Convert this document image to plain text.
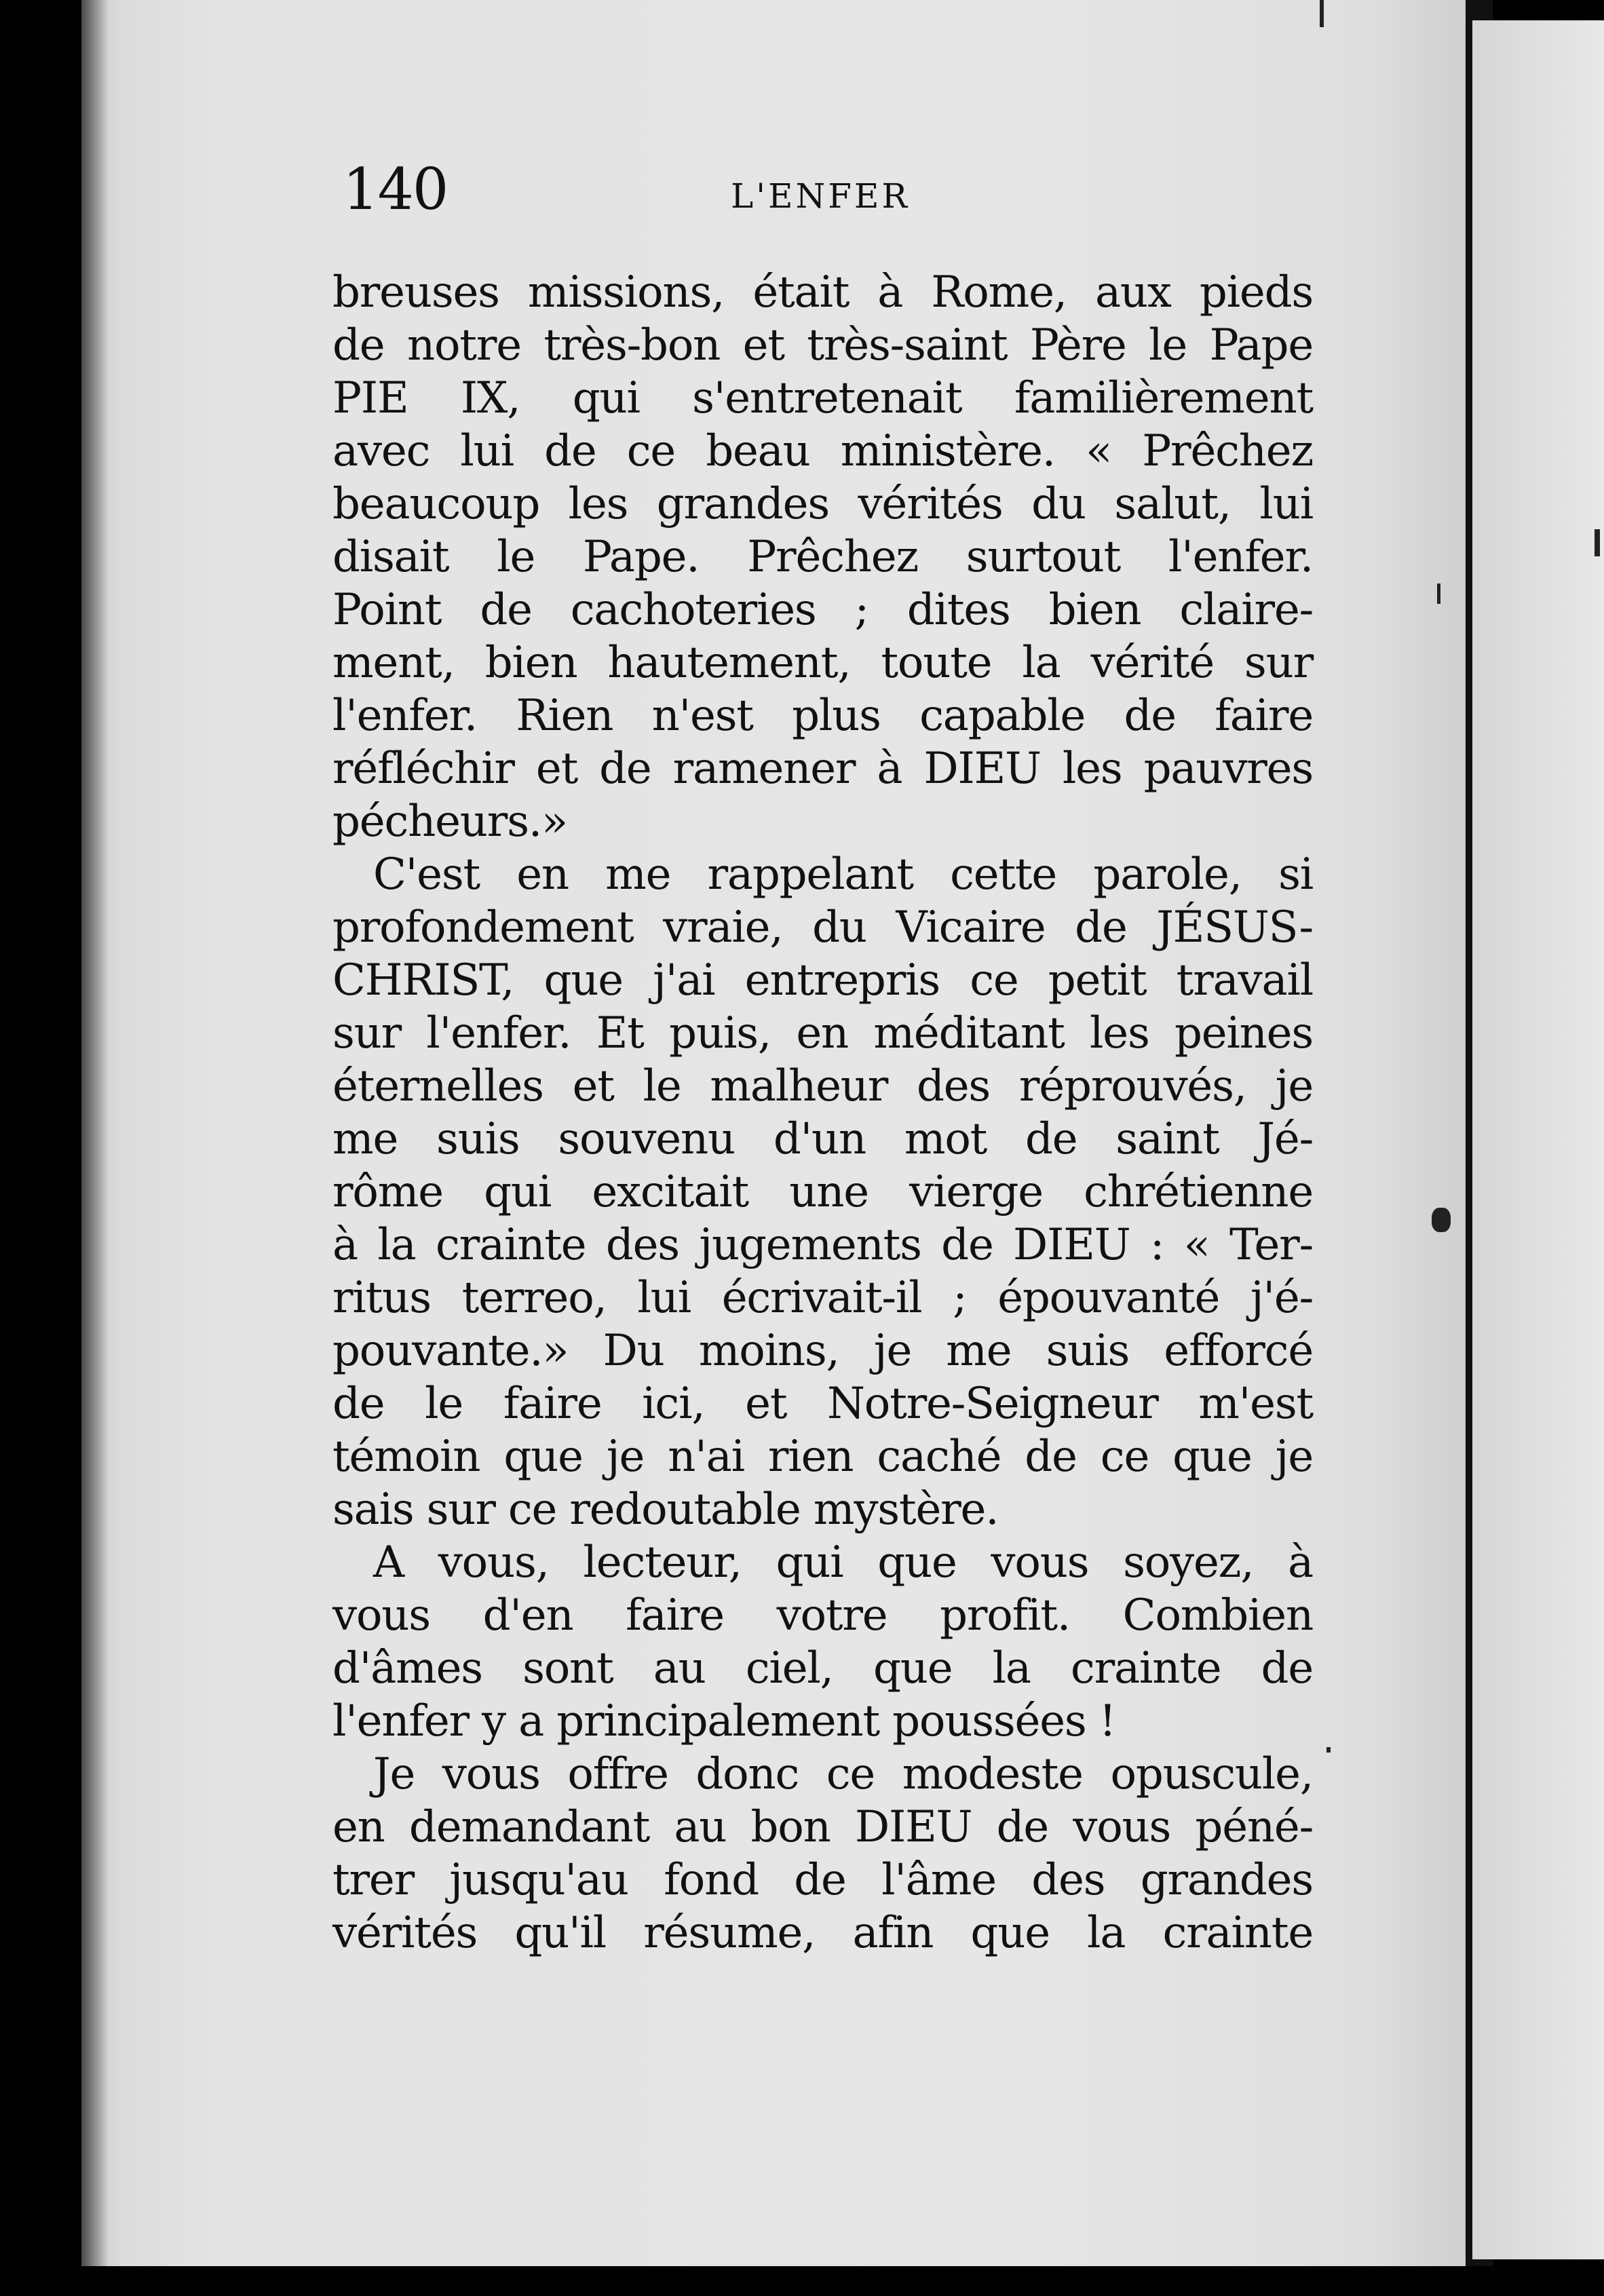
140	L'ENFER
breuses missions, était à Rome, aux pieds
de notre très-bon et très-saint Père le Pape
PIE IX, qui s'entretenait familièrement
avec lui de ce beau ministère. « Prêchez
beaucoup les grandes vérités du salut, lui
disait le Pape. Prêchez surtout l'enfer.
Point de cachoteries ; dites bien claire-
ment, bien hautement, toute la vérité sur
l'enfer. Rien n'est plus capable de faire
réfléchir et de ramener à DIEU les pauvres
pécheurs.»
C'est en me rappelant cette parole, si
profondement vraie, du Vicaire de JÉSUS-
CHRIST, que j'ai entrepris ce petit travail
sur l'enfer. Et puis, en méditant les peines
éternelles et le malheur des réprouvés, je
me suis souvenu d'un mot de saint Jé-
rôme qui excitait une vierge chrétienne
à la crainte des jugements de DIEU : « Ter-
ritus terreo, lui écrivait-il ; épouvanté j'é-
pouvante.» Du moins, je me suis efforcé
de le faire ici, et Notre-Seigneur m'est
témoin que je n'ai rien caché de ce que je
sais sur ce redoutable mystère.
A vous, lecteur, qui que vous soyez, à
vous d'en faire votre profit. Combien
d'âmes sont au ciel, que la crainte de
l'enfer y a principalement poussées !
Je vous offre donc ce modeste opuscule,
en demandant au bon DIEU de vous péné-
trer jusqu'au fond de l'âme des grandes
vérités qu'il résume, afin que la crainte
